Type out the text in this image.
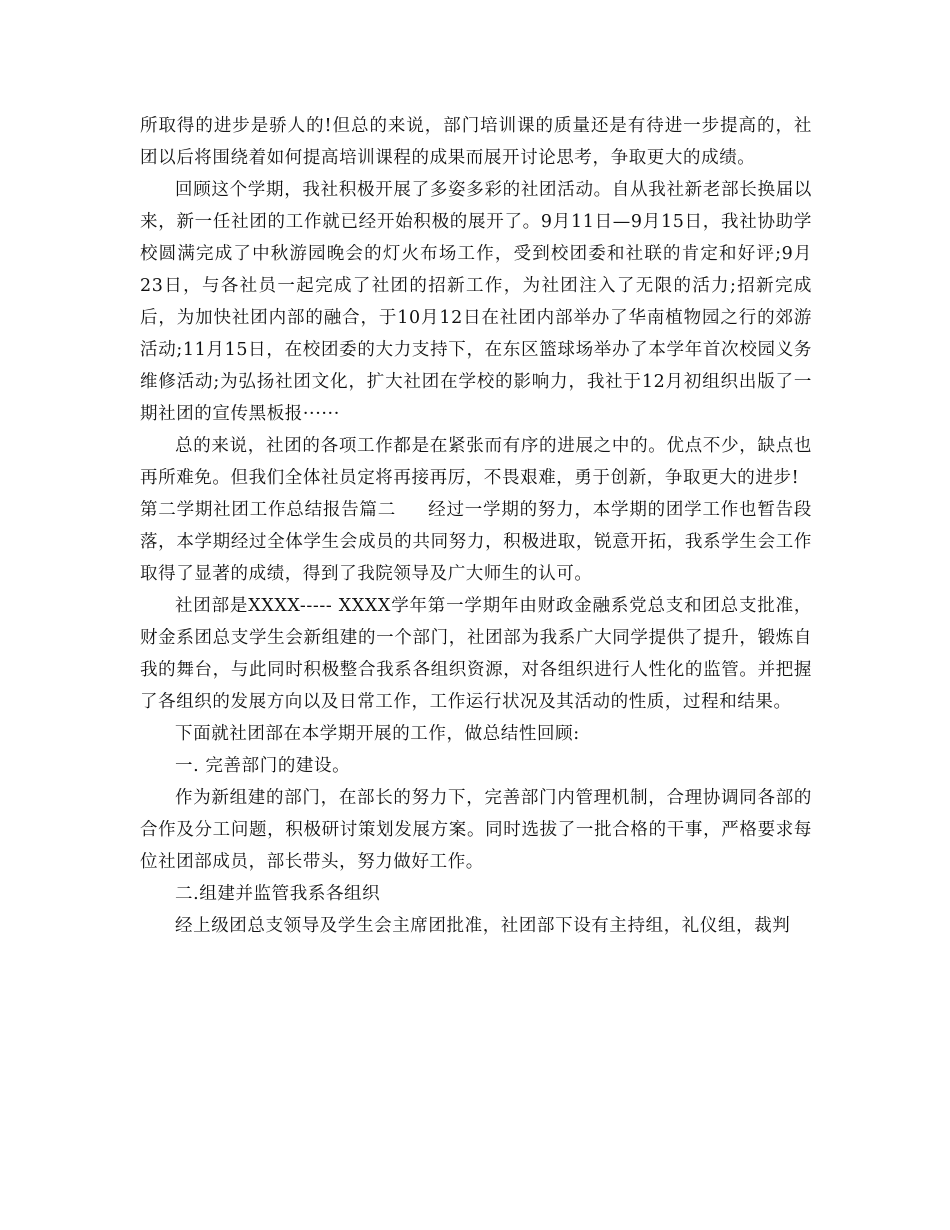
所取得的进步是骄人的!但总的来说，部门培训课的质量还是有待进一步提高的，社团以后将围绕着如何提高培训课程的成果而展开讨论思考，争取更大的成绩。

回顾这个学期，我社积极开展了多姿多彩的社团活动。自从我社新老部长换届以来，新一任社团的工作就已经开始积极的展开了。9月11日—9月15日，我社协助学校圆满完成了中秋游园晚会的灯火布场工作，受到校团委和社联的肯定和好评;9月23日，与各社员一起完成了社团的招新工作，为社团注入了无限的活力;招新完成后，为加快社团内部的融合，于10月12日在社团内部举办了华南植物园之行的郊游活动;11月15日，在校团委的大力支持下，在东区篮球场举办了本学年首次校园义务维修活动;为弘扬社团文化，扩大社团在学校的影响力，我社于12月初组织出版了一期社团的宣传黑板报······

总的来说，社团的各项工作都是在紧张而有序的进展之中的。优点不少，缺点也再所难免。但我们全体社员定将再接再厉，不畏艰难，勇于创新，争取更大的进步!

第二学期社团工作总结报告篇二 经过一学期的努力，本学期的团学工作也暂告段落，本学期经过全体学生会成员的共同努力，积极进取，锐意开拓，我系学生会工作取得了显著的成绩，得到了我院领导及广大师生的认可。

社团部是XXXX----- XXXX学年第一学期年由财政金融系党总支和团总支批准，财金系团总支学生会新组建的一个部门，社团部为我系广大同学提供了提升，锻炼自我的舞台，与此同时积极整合我系各组织资源，对各组织进行人性化的监管。并把握了各组织的发展方向以及日常工作，工作运行状况及其活动的性质，过程和结果。

下面就社团部在本学期开展的工作，做总结性回顾:

一. 完善部门的建设。

作为新组建的部门，在部长的努力下，完善部门内管理机制，合理协调同各部的合作及分工问题，积极研讨策划发展方案。同时选拔了一批合格的干事，严格要求每位社团部成员，部长带头，努力做好工作。

二.组建并监管我系各组织

经上级团总支领导及学生会主席团批准，社团部下设有主持组，礼仪组，裁判
